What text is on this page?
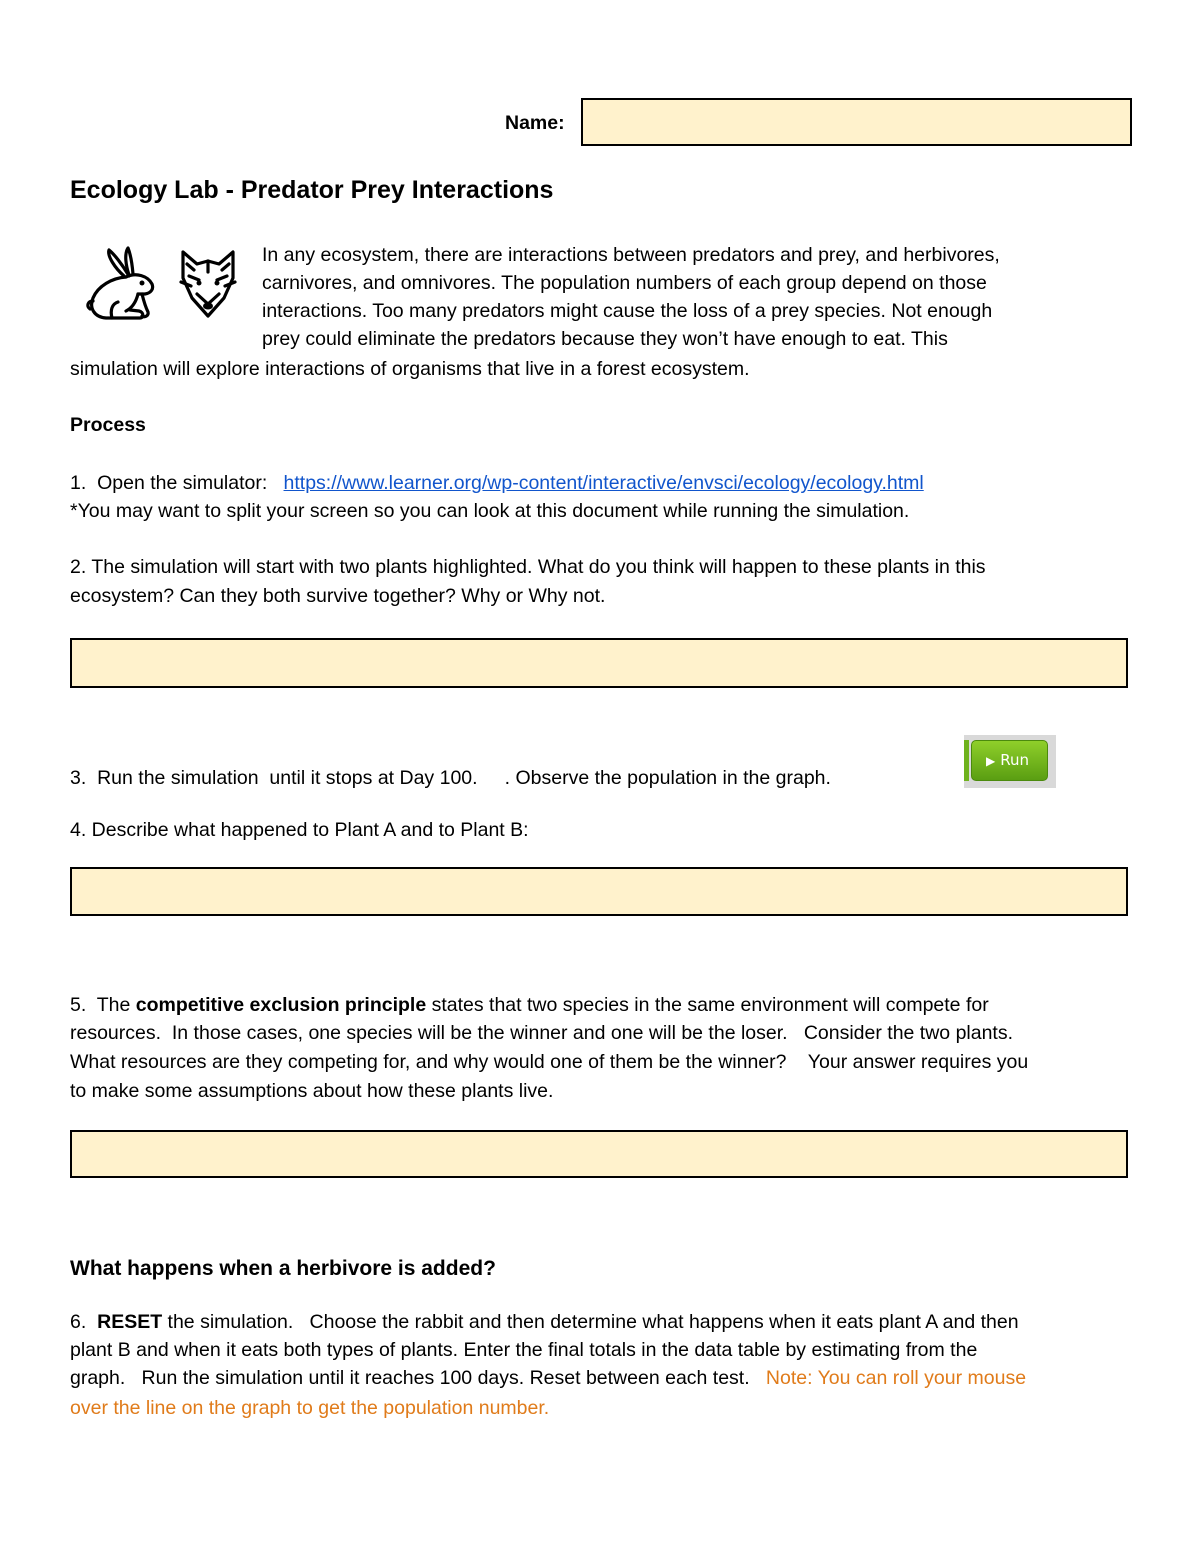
Name:
Ecology Lab - Predator Prey Interactions
In any ecosystem, there are interactions between predators and prey, and herbivores,
carnivores, and omnivores. The population numbers of each group depend on those
interactions. Too many predators might cause the loss of a prey species. Not enough
prey could eliminate the predators because they won’t have enough to eat. This
simulation will explore interactions of organisms that live in a forest ecosystem.
Process
1.  Open the simulator:   https://www.learner.org/wp-content/interactive/envsci/ecology/ecology.html
*You may want to split your screen so you can look at this document while running the simulation.
2. The simulation will start with two plants highlighted. What do you think will happen to these plants in this
ecosystem? Can they both survive together? Why or Why not.
3.  Run the simulation  until it stops at Day 100.     . Observe the population in the graph.
▶ Run
4. Describe what happened to Plant A and to Plant B:
5.  The competitive exclusion principle states that two species in the same environment will compete for
resources.  In those cases, one species will be the winner and one will be the loser.   Consider the two plants.
What resources are they competing for, and why would one of them be the winner?    Your answer requires you
to make some assumptions about how these plants live.
What happens when a herbivore is added?
6.  RESET the simulation.   Choose the rabbit and then determine what happens when it eats plant A and then
plant B and when it eats both types of plants. Enter the final totals in the data table by estimating from the
graph.   Run the simulation until it reaches 100 days. Reset between each test.   Note: You can roll your mouse
over the line on the graph to get the population number.
